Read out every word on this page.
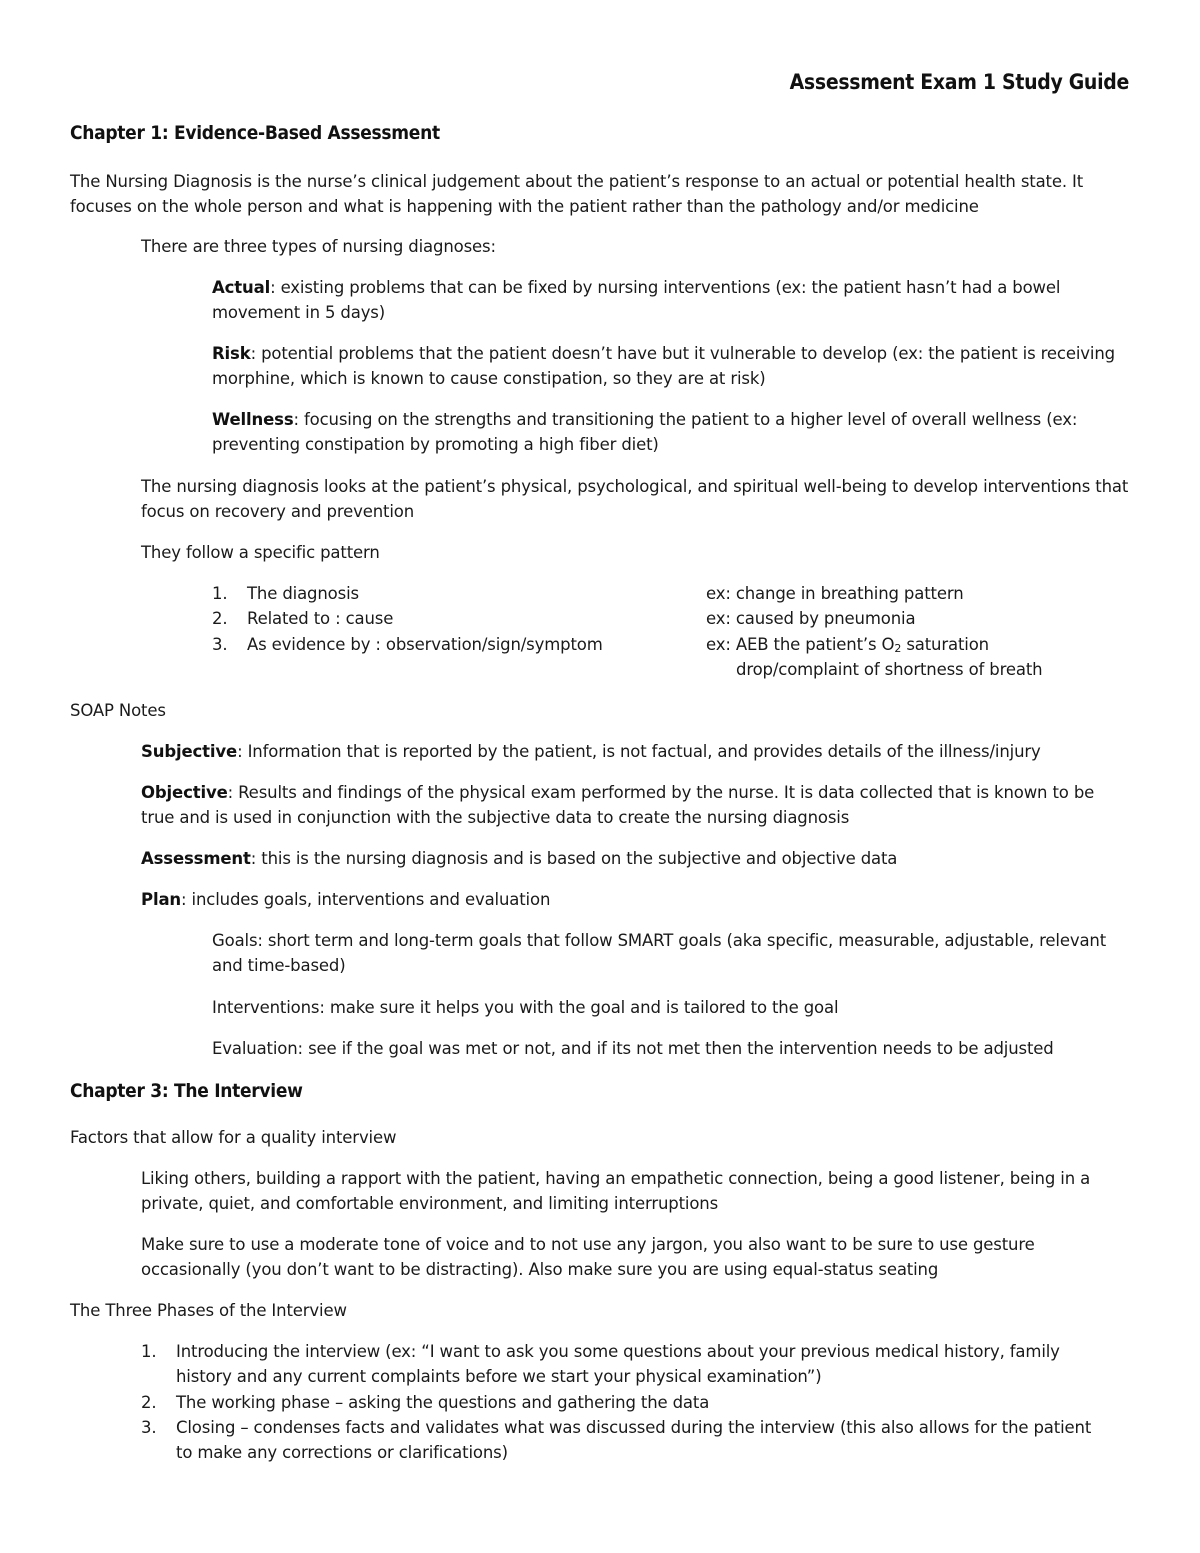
Assessment Exam 1 Study Guide
Chapter 1: Evidence-Based Assessment
The Nursing Diagnosis is the nurse’s clinical judgement about the patient’s response to an actual or potential health state. It focuses on the whole person and what is happening with the patient rather than the pathology and/or medicine
There are three types of nursing diagnoses:
Actual: existing problems that can be fixed by nursing interventions (ex: the patient hasn’t had a bowel movement in 5 days)
Risk: potential problems that the patient doesn’t have but it vulnerable to develop (ex: the patient is receiving morphine, which is known to cause constipation, so they are at risk)
Wellness: focusing on the strengths and transitioning the patient to a higher level of overall wellness (ex: preventing constipation by promoting a high fiber diet)
The nursing diagnosis looks at the patient’s physical, psychological, and spiritual well-being to develop interventions that focus on recovery and prevention
They follow a specific pattern
1. The diagnosis	ex: change in breathing pattern
2. Related to : cause	ex: caused by pneumonia
3. As evidence by : observation/sign/symptom	ex: AEB the patient’s $O_2$ saturation
drop/complaint of shortness of breath
SOAP Notes
Subjective: Information that is reported by the patient, is not factual, and provides details of the illness/injury
Objective: Results and findings of the physical exam performed by the nurse. It is data collected that is known to be true and is used in conjunction with the subjective data to create the nursing diagnosis
Assessment: this is the nursing diagnosis and is based on the subjective and objective data
Plan: includes goals, interventions and evaluation
Goals: short term and long-term goals that follow SMART goals (aka specific, measurable, adjustable, relevant and time-based)
Interventions: make sure it helps you with the goal and is tailored to the goal
Evaluation: see if the goal was met or not, and if its not met then the intervention needs to be adjusted
Chapter 3: The Interview
Factors that allow for a quality interview
Liking others, building a rapport with the patient, having an empathetic connection, being a good listener, being in a private, quiet, and comfortable environment, and limiting interruptions
Make sure to use a moderate tone of voice and to not use any jargon, you also want to be sure to use gesture occasionally (you don’t want to be distracting). Also make sure you are using equal-status seating
The Three Phases of the Interview
1. Introducing the interview (ex: “I want to ask you some questions about your previous medical history, family history and any current complaints before we start your physical examination”)
2. The working phase – asking the questions and gathering the data
3. Closing – condenses facts and validates what was discussed during the interview (this also allows for the patient to make any corrections or clarifications)
